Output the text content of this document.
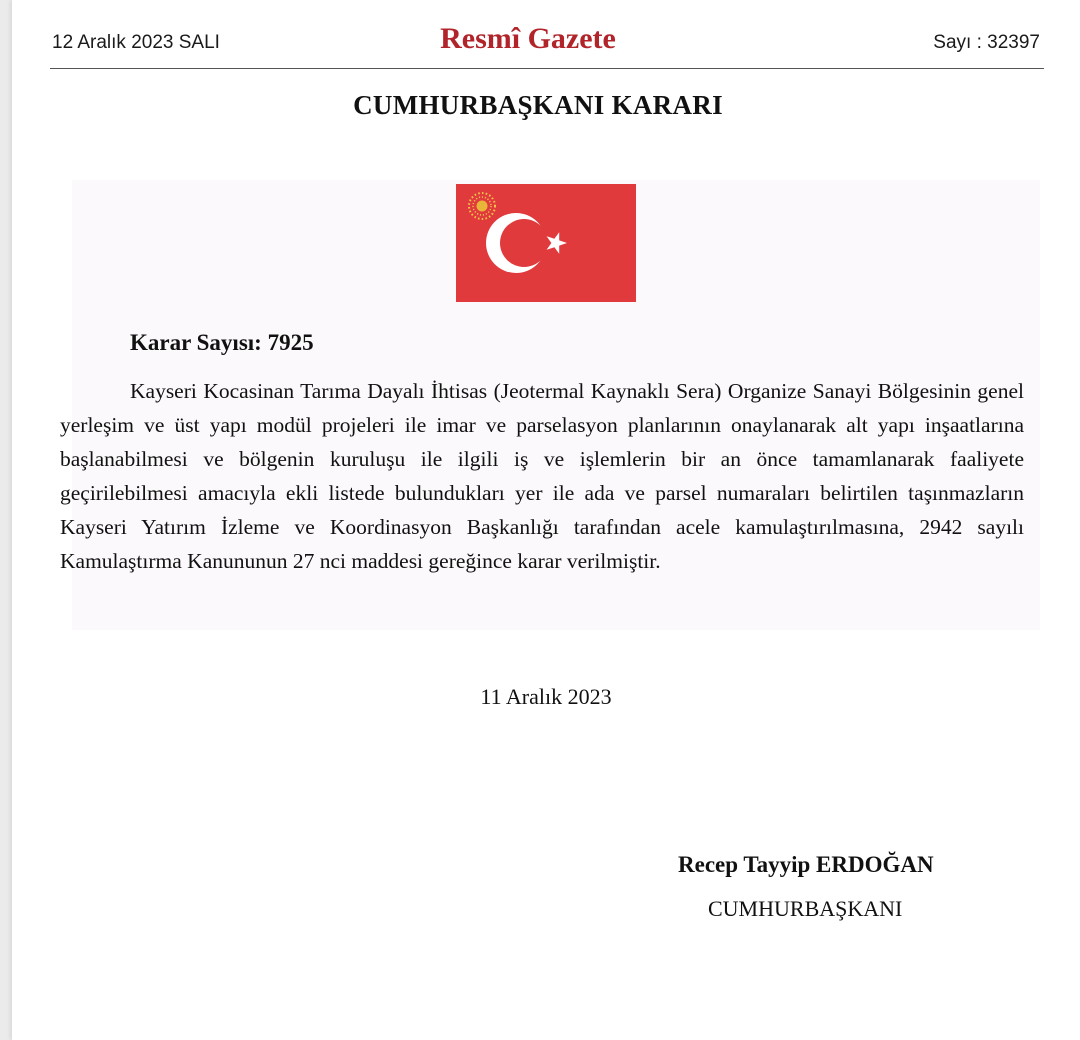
12 Aralık 2023 SALI	Sayı : 32397
CUMHURBAŞKANI KARARI
Karar Sayısı: 7925

Kayseri Kocasinan Tarıma Dayalı İhtisas (Jeotermal Kaynaklı Sera) Organize Sanayi Bölgesinin genel yerleşim ve üst yapı modül projeleri ile imar ve parselasyon planlarının onaylanarak alt yapı inşaatlarına başlanabilmesi ve bölgenin kuruluşu ile ilgili iş ve işlemlerin bir an önce tamamlanarak faaliyete geçirilebilmesi amacıyla ekli listede bulundukları yer ile ada ve parsel numaraları belirtilen taşınmazların Kayseri Yatırım İzleme ve Koordinasyon Başkanlığı tarafından acele kamulaştırılmasına, 2942 sayılı Kamulaştırma Kanununun 27 nci maddesi gereğince karar verilmiştir.

11 Aralık 2023
Recep Tayyip ERDOĞAN
CUMHURBAŞKANI
Resmî Gazete
